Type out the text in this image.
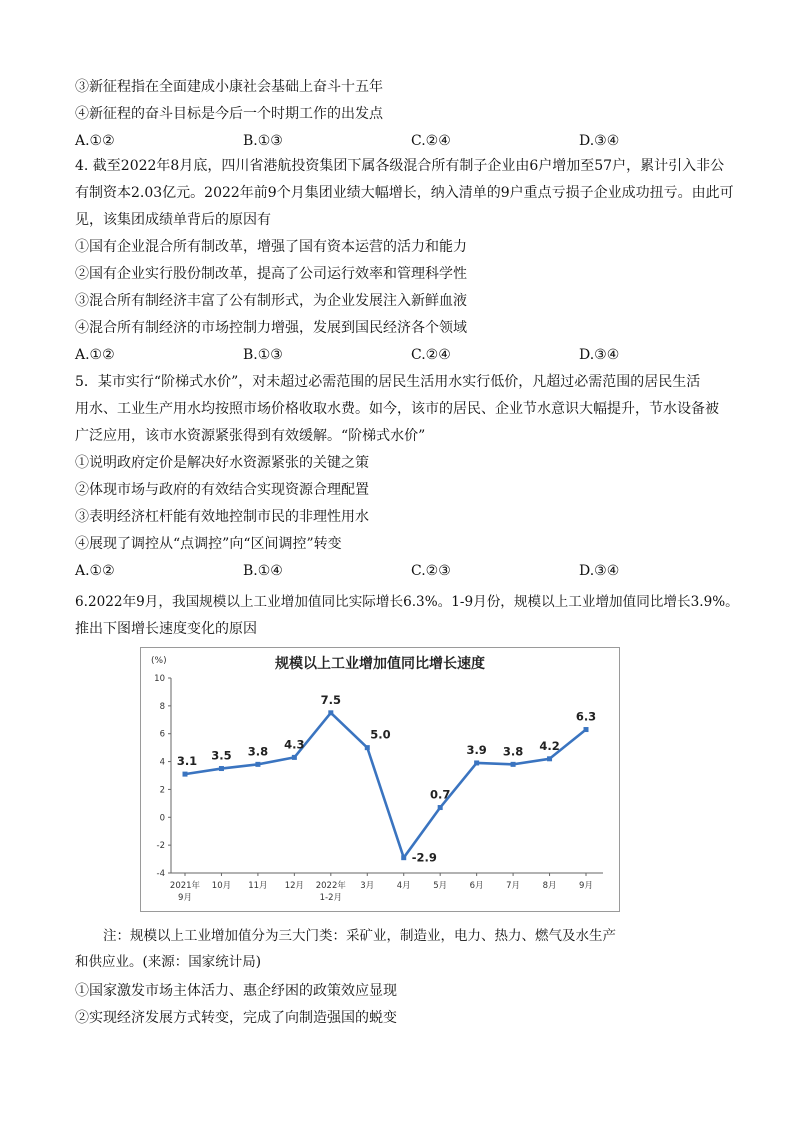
③新征程指在全面建成小康社会基础上奋斗十五年
④新征程的奋斗目标是今后一个时期工作的出发点
A.①②	B.①③	C.②④	D.③④
4. 截至2022年8月底，四川省港航投资集团下属各级混合所有制子企业由6户增加至57户，累计引入非公
有制资本2.03亿元。2022年前9个月集团业绩大幅增长，纳入清单的9户重点亏损子企业成功扭亏。由此可
见，该集团成绩单背后的原因有
①国有企业混合所有制改革，增强了国有资本运营的活力和能力
②国有企业实行股份制改革，提高了公司运行效率和管理科学性
③混合所有制经济丰富了公有制形式，为企业发展注入新鲜血液
④混合所有制经济的市场控制力增强，发展到国民经济各个领域
A.①②	B.①③	C.②④	D.③④
5．某市实行“阶梯式水价”，对未超过必需范围的居民生活用水实行低价，凡超过必需范围的居民生活
用水、工业生产用水均按照市场价格收取水费。如今，该市的居民、企业节水意识大幅提升，节水设备被
广泛应用，该市水资源紧张得到有效缓解。“阶梯式水价”
①说明政府定价是解决好水资源紧张的关键之策
②体现市场与政府的有效结合实现资源合理配置
③表明经济杠杆能有效地控制市民的非理性用水
④展现了调控从“点调控”向“区间调控”转变
A.①②	B.①④	C.②③	D.③④
6.2022年9月，我国规模以上工业增加值同比实际增长6.3%。1-9月份，规模以上工业增加值同比增长3.9%。
推出下图增长速度变化的原因
规模以上工业增加值同比增长速度
(%)
10
8
6
4
2
0
-2
-4
2021年
9月
10月 11月 12月 2022年
1-2月
3月	4月	5月	6月	7月	8月	9月
3.1 3.5 3.8 4.3
7.5
5.0
-2.9
0.7
3.9 3.8 4.2
6.3
注：规模以上工业增加值分为三大门类：采矿业，制造业，电力、热力、燃气及水生产
和供应业。(来源：国家统计局)
①国家激发市场主体活力、惠企纾困的政策效应显现
②实现经济发展方式转变，完成了向制造强国的蜕变
